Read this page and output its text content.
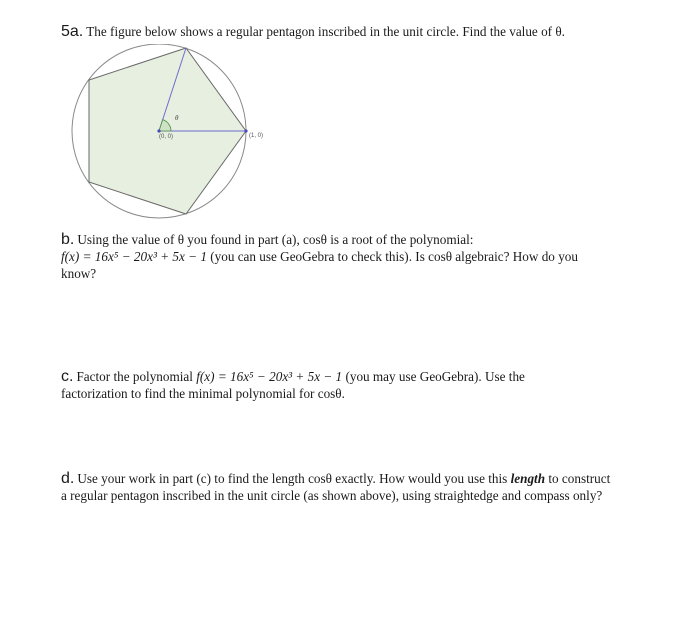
5a. The figure below shows a regular pentagon inscribed in the unit circle. Find the value of θ.
(0, 0)	(1, 0)
θ
b. Using the value of θ you found in part (a), cosθ is a root of the polynomial:
f(x) = 16x⁵ − 20x³ + 5x − 1 (you can use GeoGebra to check this). Is cosθ algebraic? How do you
know?
c. Factor the polynomial f(x) = 16x⁵ − 20x³ + 5x − 1 (you may use GeoGebra). Use the
factorization to find the minimal polynomial for cosθ.
d. Use your work in part (c) to find the length cosθ exactly. How would you use this length to construct
a regular pentagon inscribed in the unit circle (as shown above), using straightedge and compass only?
